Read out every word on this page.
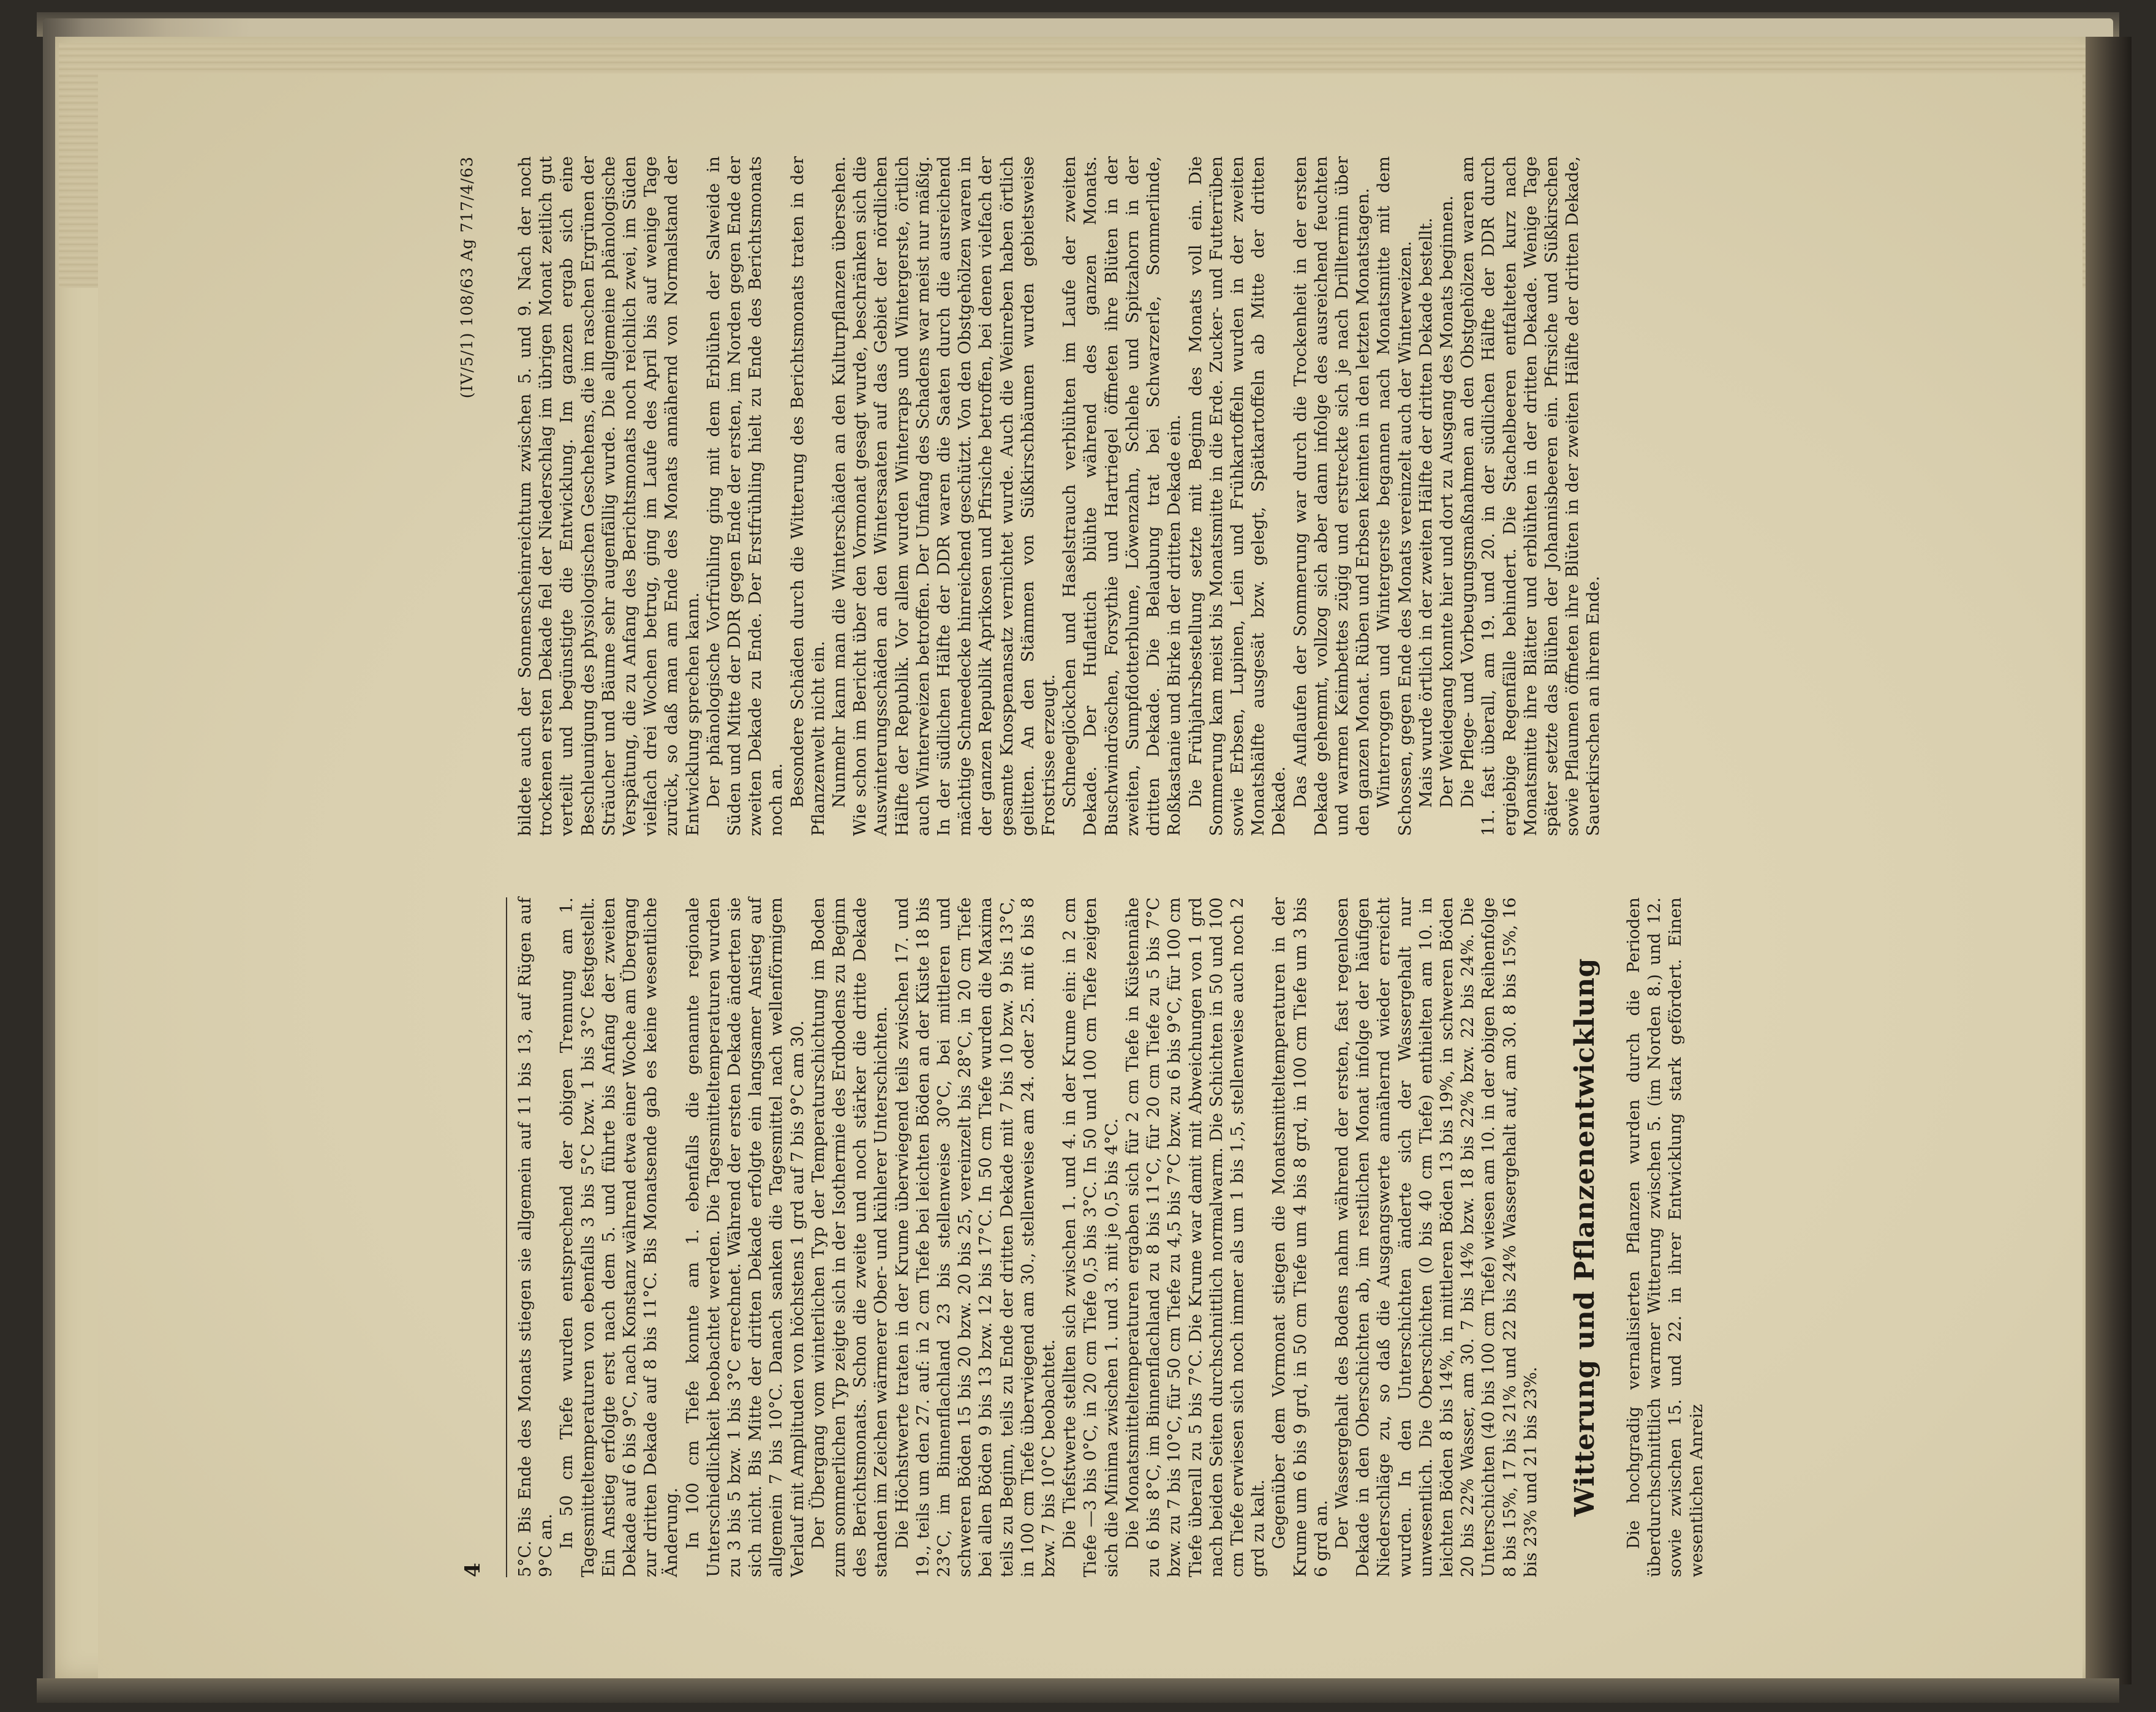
4
(IV/5/1) 108/63 Ag 717/4/63

5°C. Bis Ende des Monats stiegen sie allgemein auf 11 bis 13, auf Rügen auf 9°C an. In 50 cm Tiefe wurden entsprechend der obigen Trennung am 1. Tagesmitteltemperaturen von ebenfalls 3 bis 5°C bzw. 1 bis 3°C festgestellt. Ein Anstieg erfolgte erst nach dem 5. und führte bis Anfang der zweiten Dekade auf 6 bis 9°C, nach Konstanz während etwa einer Woche am Übergang zur dritten Dekade auf 8 bis 11°C. Bis Monatsende gab es keine wesentliche Änderung. In 100 cm Tiefe konnte am 1. ebenfalls die genannte regionale Unterschiedlichkeit beobachtet werden. Die Tagesmitteltemperaturen wurden zu 3 bis 5 bzw. 1 bis 3°C errechnet. Während der ersten Dekade änderten sie sich nicht. Bis Mitte der dritten Dekade erfolgte ein langsamer Anstieg auf allgemein 7 bis 10°C. Danach sanken die Tagesmittel nach wellenförmigem Verlauf mit Amplituden von höchstens 1 grd auf 7 bis 9°C am 30. Der Übergang vom winterlichen Typ der Temperaturschichtung im Boden zum sommerlichen Typ zeigte sich in der Isothermie des Erdbodens zu Beginn des Berichtsmonats. Schon die zweite und noch stärker die dritte Dekade standen im Zeichen wärmerer Ober- und kühlerer Unterschichten. Die Höchstwerte traten in der Krume überwiegend teils zwischen 17. und 19., teils um den 27. auf: in 2 cm Tiefe bei leichten Böden an der Küste 18 bis 23°C, im Binnenflachland 23 bis stellenweise 30°C, bei mittleren und schweren Böden 15 bis 20 bzw. 20 bis 25, vereinzelt bis 28°C, in 20 cm Tiefe bei allen Böden 9 bis 13 bzw. 12 bis 17°C. In 50 cm Tiefe wurden die Maxima teils zu Beginn, teils zu Ende der dritten Dekade mit 7 bis 10 bzw. 9 bis 13°C, in 100 cm Tiefe überwiegend am 30., stellenweise am 24. oder 25. mit 6 bis 8 bzw. 7 bis 10°C beobachtet. Die Tiefstwerte stellten sich zwischen 1. und 4. in der Krume ein: in 2 cm Tiefe —3 bis 0°C, in 20 cm Tiefe 0,5 bis 3°C. In 50 und 100 cm Tiefe zeigten sich die Minima zwischen 1. und 3. mit je 0,5 bis 4°C. Die Monatsmitteltemperaturen ergaben sich für 2 cm Tiefe in Küstennähe zu 6 bis 8°C, im Binnenflachland zu 8 bis 11°C, für 20 cm Tiefe zu 5 bis 7°C bzw. zu 7 bis 10°C, für 50 cm Tiefe zu 4,5 bis 7°C bzw. zu 6 bis 9°C, für 100 cm Tiefe überall zu 5 bis 7°C. Die Krume war damit mit Abweichungen von 1 grd nach beiden Seiten durchschnittlich normalwarm. Die Schichten in 50 und 100 cm Tiefe erwiesen sich noch immer als um 1 bis 1,5, stellenweise auch noch 2 grd zu kalt. Gegenüber dem Vormonat stiegen die Monatsmitteltemperaturen in der Krume um 6 bis 9 grd, in 50 cm Tiefe um 4 bis 8 grd, in 100 cm Tiefe um 3 bis 6 grd an. Der Wassergehalt des Bodens nahm während der ersten, fast regenlosen Dekade in den Oberschichten ab, im restlichen Monat infolge der häufigen Niederschläge zu, so daß die Ausgangswerte annähernd wieder erreicht wurden. In den Unterschichten änderte sich der Wassergehalt nur unwesentlich. Die Oberschichten (0 bis 40 cm Tiefe) enthielten am 10. in leichten Böden 8 bis 14%, in mittleren Böden 13 bis 19%, in schweren Böden 20 bis 22% Wasser, am 30. 7 bis 14% bzw. 18 bis 22% bzw. 22 bis 24%. Die Unterschichten (40 bis 100 cm Tiefe) wiesen am 10. in der obigen Reihenfolge 8 bis 15%, 17 bis 21% und 22 bis 24% Wassergehalt auf, am 30. 8 bis 15%, 16 bis 23% und 21 bis 23%. Witterung und Pflanzenentwicklung Die hochgradig vernalisierten Pflanzen wurden durch die Perioden überdurchschnittlich warmer Witterung zwischen 5. (im Norden 8.) und 12. sowie zwischen 15. und 22. in ihrer Entwicklung stark gefördert. Einen wesentlichen Anreiz

bildete auch der Sonnenscheinreichtum zwischen 5. und 9. Nach der noch trockenen ersten Dekade fiel der Niederschlag im übrigen Monat zeitlich gut verteilt und begünstigte die Entwicklung. Im ganzen ergab sich eine Beschleunigung des physiologischen Geschehens, die im raschen Ergrünen der Sträucher und Bäume sehr augenfällig wurde. Die allgemeine phänologische Verspätung, die zu Anfang des Berichtsmonats noch reichlich zwei, im Süden vielfach drei Wochen betrug, ging im Laufe des April bis auf wenige Tage zurück, so daß man am Ende des Monats annähernd von Normalstand der Entwicklung sprechen kann. Der phänologische Vorfrühling ging mit dem Erblühen der Salweide in Süden und Mitte der DDR gegen Ende der ersten, im Norden gegen Ende der zweiten Dekade zu Ende. Der Erstfrühling hielt zu Ende des Berichtsmonats noch an. Besondere Schäden durch die Witterung des Berichtsmonats traten in der Pflanzenwelt nicht ein. Nunmehr kann man die Winterschäden an den Kulturpflanzen übersehen. Wie schon im Bericht über den Vormonat gesagt wurde, beschränken sich die Auswinterungsschäden an den Wintersaaten auf das Gebiet der nördlichen Hälfte der Republik. Vor allem wurden Winterraps und Wintergerste, örtlich auch Winterweizen betroffen. Der Umfang des Schadens war meist nur mäßig. In der südlichen Hälfte der DDR waren die Saaten durch die ausreichend mächtige Schneedecke hinreichend geschützt. Von den Obstgehölzen waren in der ganzen Republik Aprikosen und Pfirsiche betroffen, bei denen vielfach der gesamte Knospenansatz vernichtet wurde. Auch die Weinreben haben örtlich gelitten. An den Stämmen von Süßkirschbäumen wurden gebietsweise Frostrisse erzeugt. Schneeglöckchen und Haselstrauch verblühten im Laufe der zweiten Dekade. Der Huflattich blühte während des ganzen Monats. Buschwindröschen, Forsythie und Hartriegel öffneten ihre Blüten in der zweiten, Sumpfdotterblume, Löwenzahn, Schlehe und Spitzahorn in der dritten Dekade. Die Belaubung trat bei Schwarzerle, Sommerlinde, Roßkastanie und Birke in der dritten Dekade ein. Die Frühjahrsbestellung setzte mit Beginn des Monats voll ein. Die Sommerung kam meist bis Monatsmitte in die Erde. Zucker- und Futterrüben sowie Erbsen, Lupinen, Lein und Frühkartoffeln wurden in der zweiten Monatshälfte ausgesät bzw. gelegt, Spätkartoffeln ab Mitte der dritten Dekade. Das Auflaufen der Sommerung war durch die Trockenheit in der ersten Dekade gehemmt, vollzog sich aber dann infolge des ausreichend feuchten und warmen Keimbettes zügig und erstreckte sich je nach Drilltermin über den ganzen Monat. Rüben und Erbsen keimten in den letzten Monatstagen. Winterroggen und Wintergerste begannen nach Monatsmitte mit dem Schossen, gegen Ende des Monats vereinzelt auch der Winterweizen. Mais wurde örtlich in der zweiten Hälfte der dritten Dekade bestellt. Der Weidegang konnte hier und dort zu Ausgang des Monats beginnen. Die Pflege- und Vorbeugungsmaßnahmen an den Obstgehölzen waren am 11. fast überall, am 19. und 20. in der südlichen Hälfte der DDR durch ergiebige Regenfälle behindert. Die Stachelbeeren entfalteten kurz nach Monatsmitte ihre Blätter und erblühten in der dritten Dekade. Wenige Tage später setzte das Blühen der Johannisbeeren ein. Pfirsiche und Süßkirschen sowie Pflaumen öffneten ihre Blüten in der zweiten Hälfte der dritten Dekade, Sauerkirschen an ihrem Ende.
